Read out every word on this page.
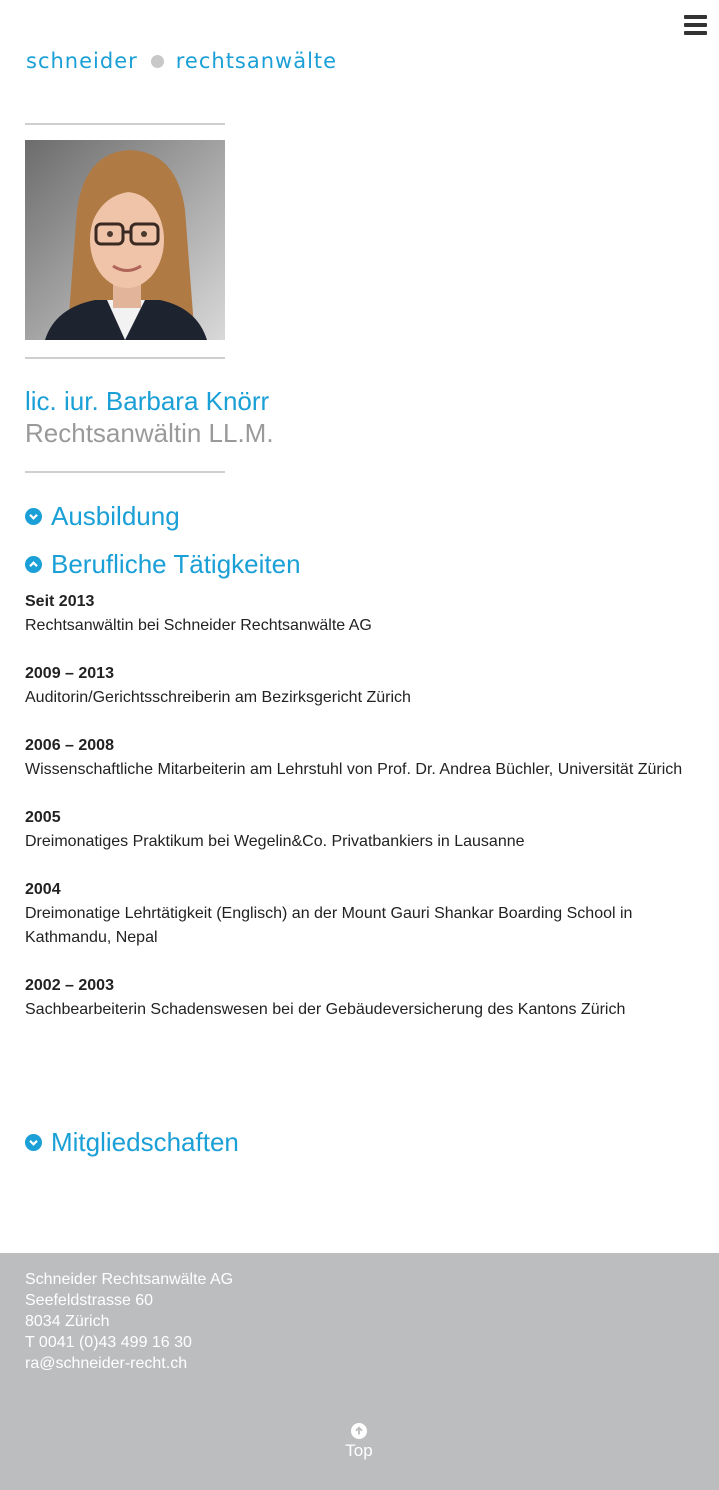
schneider rechtsanwälte
lic. iur. Barbara Knörr
Rechtsanwältin LL.M.
Ausbildung
Berufliche Tätigkeiten
Seit 2013
Rechtsanwältin bei Schneider Rechtsanwälte AG
2009 – 2013
Auditorin/Gerichtsschreiberin am Bezirksgericht Zürich
2006 – 2008
Wissenschaftliche Mitarbeiterin am Lehrstuhl von Prof. Dr. Andrea Büchler, Universität Zürich
2005
Dreimonatiges Praktikum bei Wegelin&Co. Privatbankiers in Lausanne
2004
Dreimonatige Lehrtätigkeit (Englisch) an der Mount Gauri Shankar Boarding School in Kathmandu, Nepal
2002 – 2003
Sachbearbeiterin Schadenswesen bei der Gebäudeversicherung des Kantons Zürich
Mitgliedschaften
Schneider Rechtsanwälte AG
Seefeldstrasse 60
8034 Zürich
T 0041 (0)43 499 16 30
ra@schneider-recht.ch
Top
